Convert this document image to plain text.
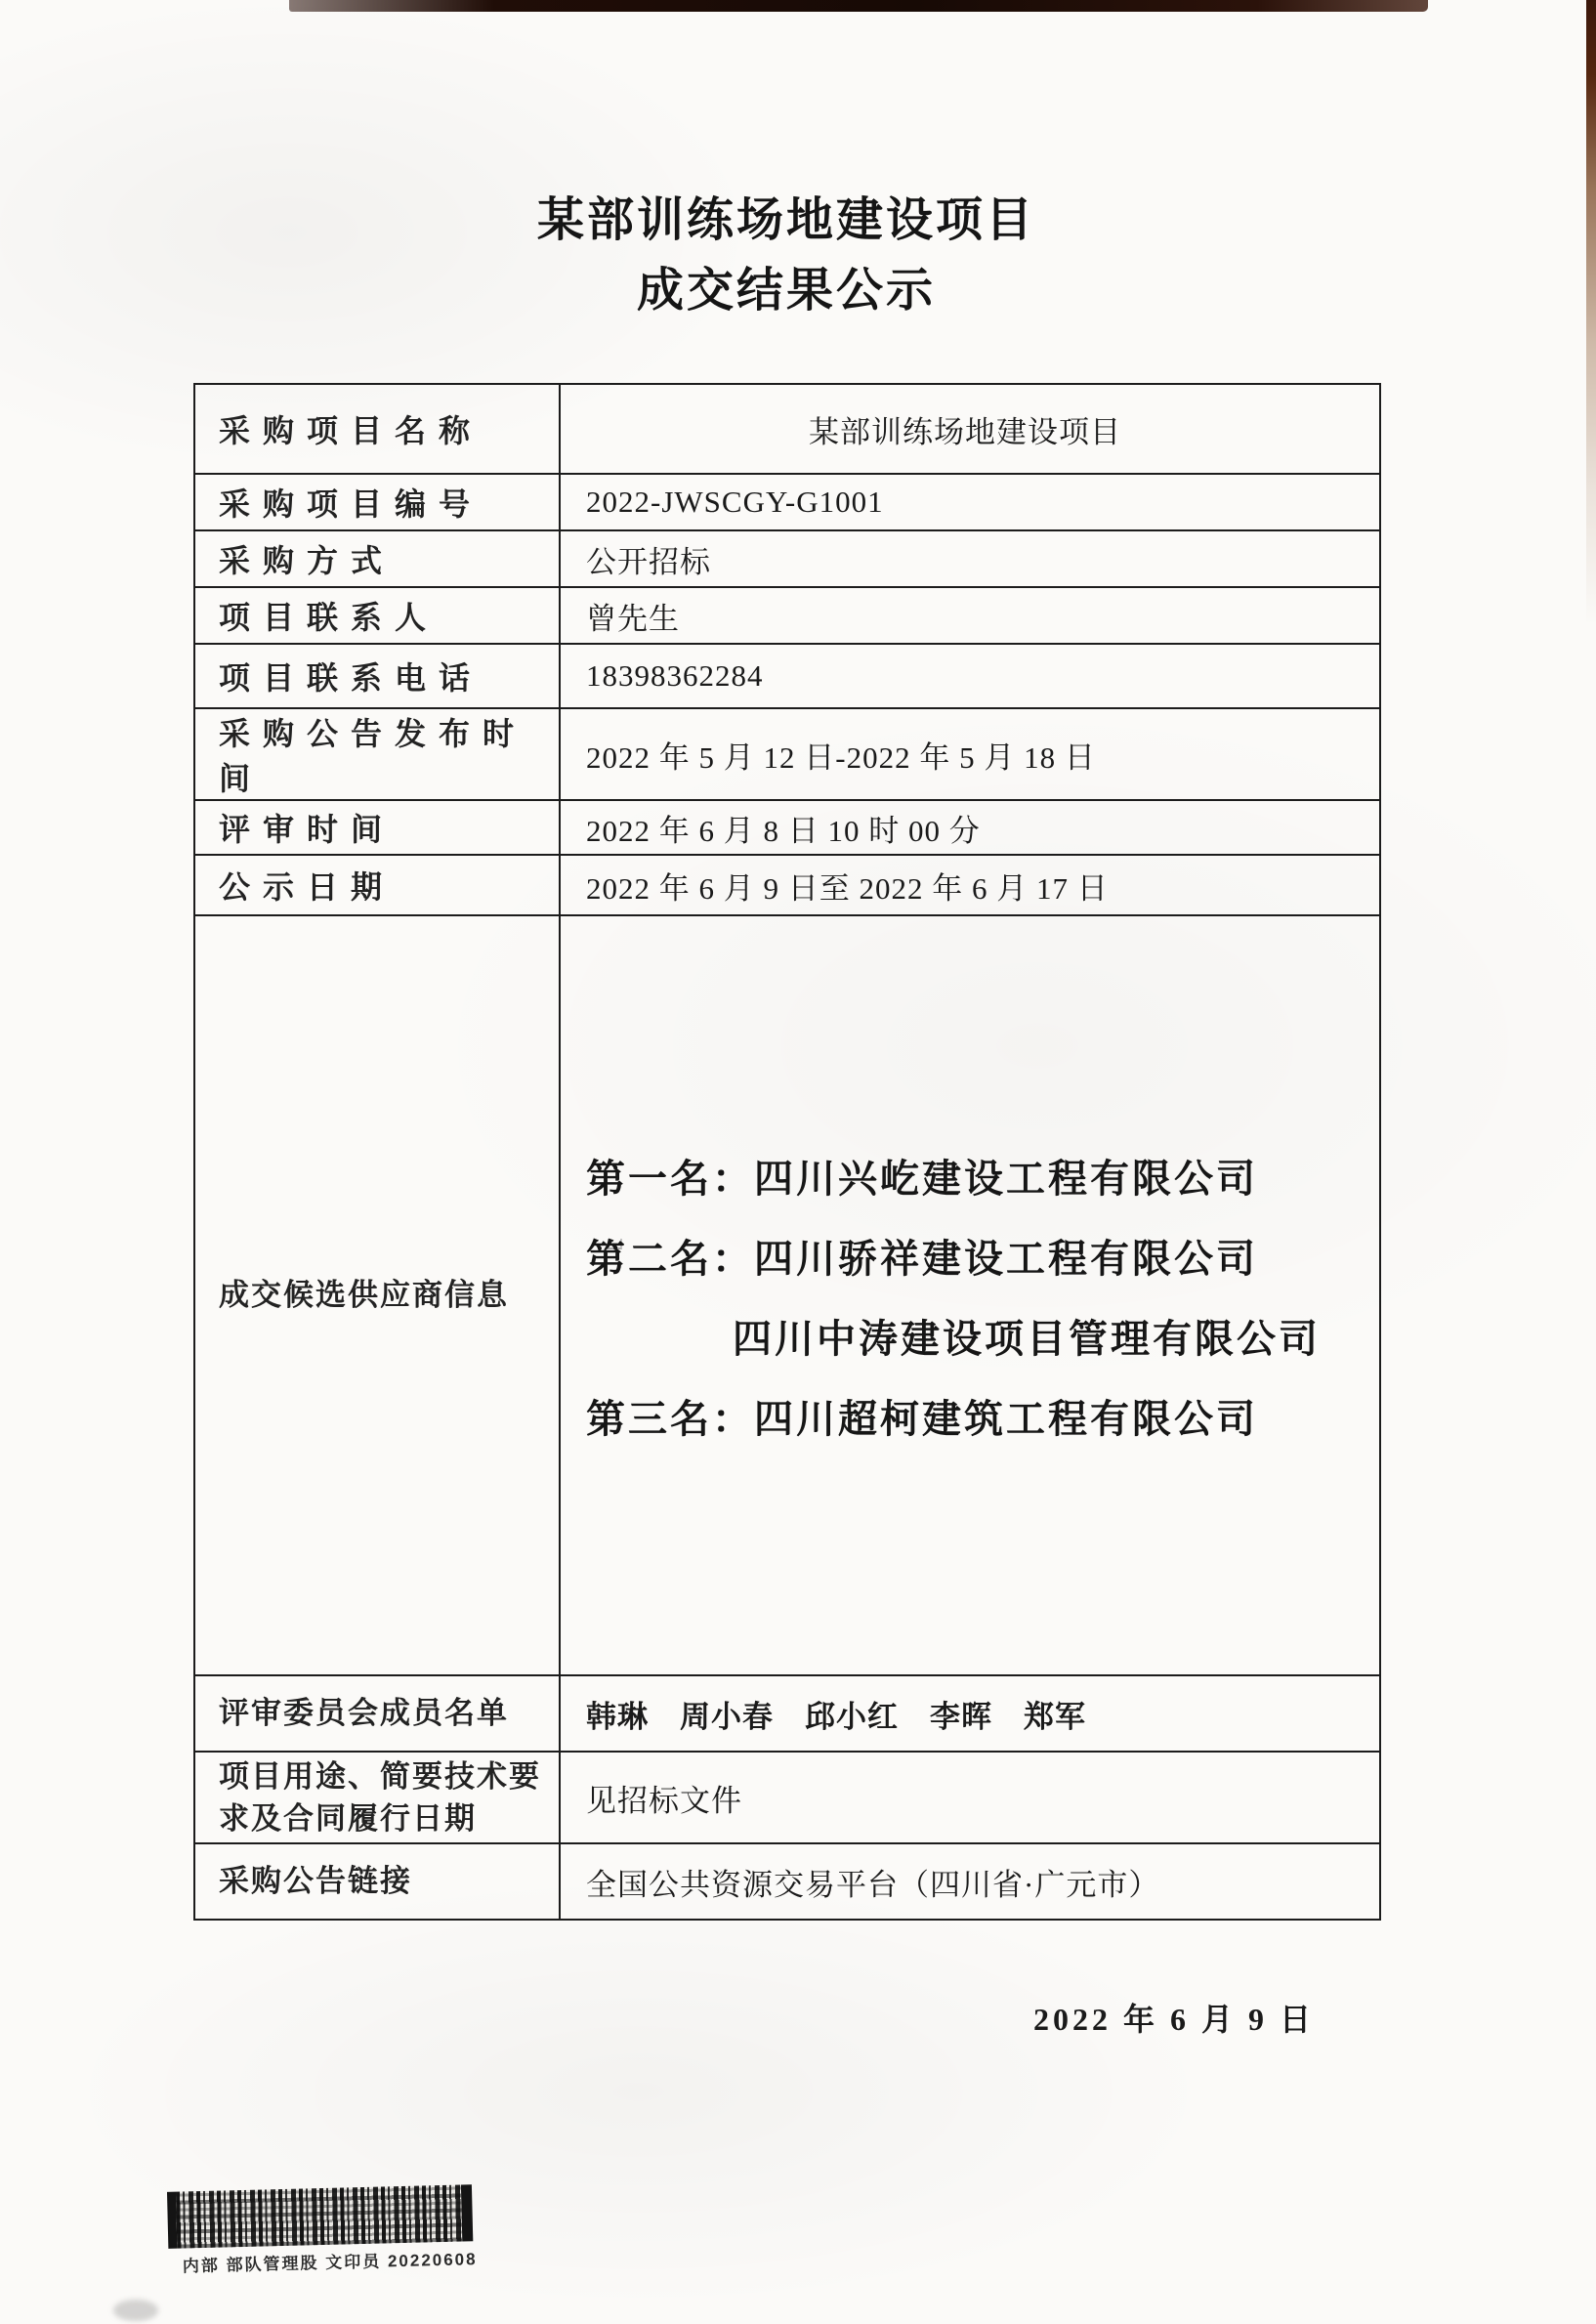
某部训练场地建设项目
成交结果公示
采购项目名称	某部训练场地建设项目
采购项目编号	2022-JWSCGY-G1001
采购方式	公开招标
项目联系人	曾先生
项目联系电话	18398362284
采购公告发布时间	2022 年 5 月 12 日-2022 年 5 月 18 日
评审时间	2022 年 6 月 8 日 10 时 00 分
公示日期	2022 年 6 月 9 日至 2022 年 6 月 17 日
成交候选供应商信息	第一名：四川兴屹建设工程有限公司
第二名：四川骄祥建设工程有限公司
四川中涛建设项目管理有限公司
第三名：四川超柯建筑工程有限公司

评审委员会成员名单	韩琳　周小春　邱小红　李晖　郑军
项目用途、简要技术要求及合同履行日期	见招标文件
采购公告链接	全国公共资源交易平台（四川省·广元市）
2022 年 6 月 9 日
内部 部队管理股 文印员 20220608
